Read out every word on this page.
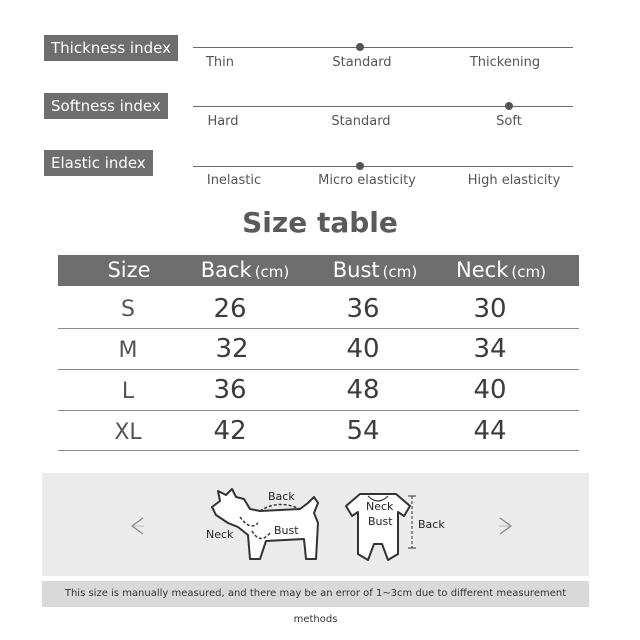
Thickness index
Thin	Standard	Thickening
Softness index
Hard	Standard	Soft
Elastic index
Inelastic	Micro elasticity	High elasticity
Size table
Size Back (cm) Bust (cm) Neck (cm)
S	26	36	30
M	32	40	34
L	36	48	40
XL	42	54	44
Back
Neck	Bust
Neck
Bust Back
This size is manually measured, and there may be an error of 1~3cm due to different measurement methods
